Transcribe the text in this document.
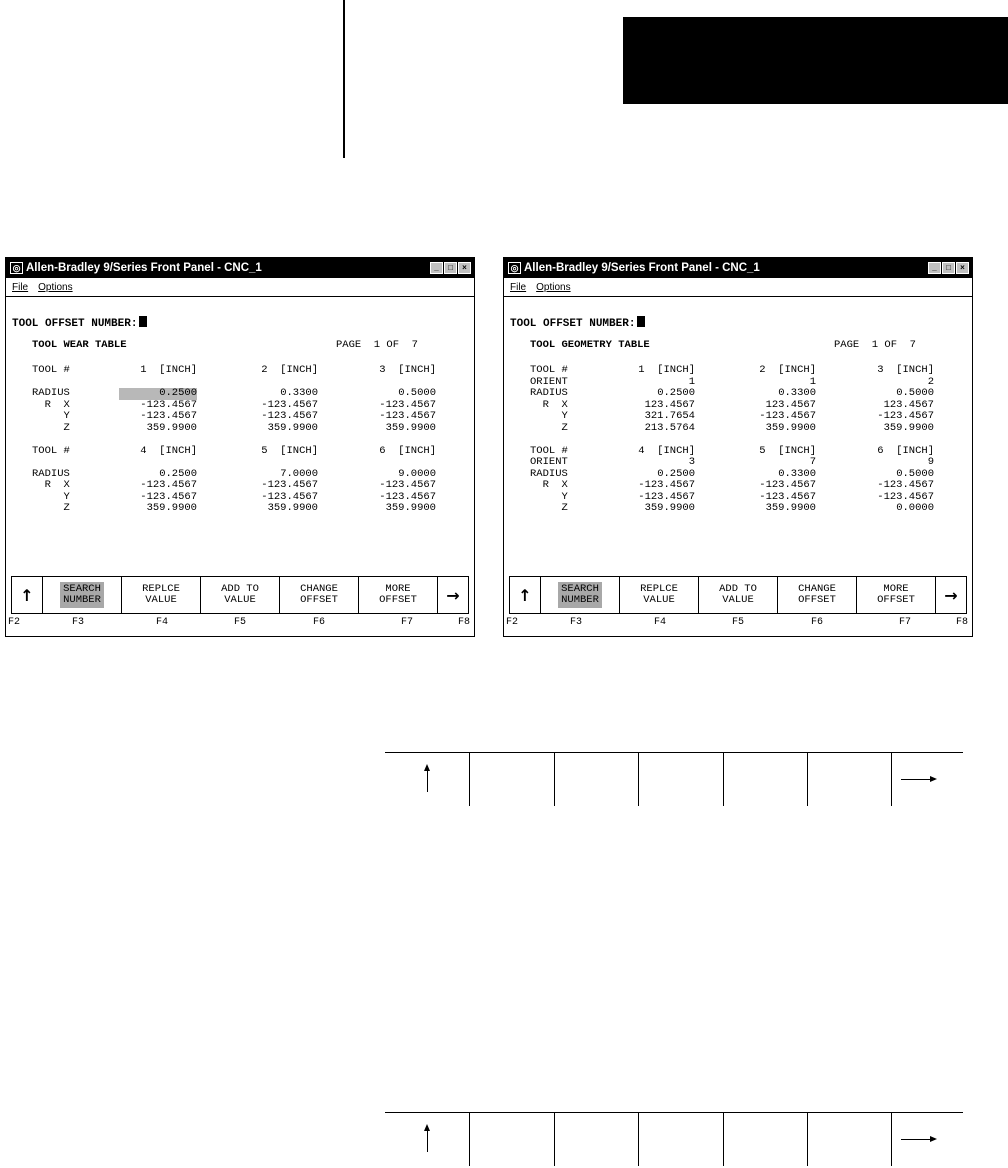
◎ Allen-Bradley 9/Series Front Panel - CNC_1	_	□	×
File Options
TOOL OFFSET NUMBER:
TOOL WEAR TABLE	PAGE  1 OF  7
TOOL #	1  [INCH]	2  [INCH]	3  [INCH]
RADIUS	0.2500	0.3300	0.5000
R  X	-123.4567	-123.4567	-123.4567
Y	-123.4567	-123.4567	-123.4567
Z	359.9900	359.9900	359.9900
TOOL #	4  [INCH]	5  [INCH]	6  [INCH]
RADIUS	0.2500	7.0000	9.0000
R  X	-123.4567	-123.4567	-123.4567
Y	-123.4567	-123.4567	-123.4567
Z	359.9900	359.9900	359.9900
↑	SEARCH
NUMBER
REPLCE
VALUE
ADD TO
VALUE
CHANGE
OFFSET
MORE
OFFSET	→
F2	F3	F4	F5	F6	F7	F8
◎ Allen-Bradley 9/Series Front Panel - CNC_1	_	□	×
File Options
TOOL OFFSET NUMBER:
TOOL GEOMETRY TABLE	PAGE  1 OF  7
TOOL #	1  [INCH]	2  [INCH]	3  [INCH]
ORIENT	1	1	2
RADIUS	0.2500	0.3300	0.5000
R  X	123.4567	123.4567	123.4567
Y	321.7654	-123.4567	-123.4567
Z	213.5764	359.9900	359.9900
TOOL #	4  [INCH]	5  [INCH]	6  [INCH]
ORIENT	3	7	9
RADIUS	0.2500	0.3300	0.5000
R  X	-123.4567	-123.4567	-123.4567
Y	-123.4567	-123.4567	-123.4567
Z	359.9900	359.9900	0.0000
↑	SEARCH
NUMBER
REPLCE
VALUE
ADD TO
VALUE
CHANGE
OFFSET
MORE
OFFSET	→
F2	F3	F4	F5	F6	F7	F8
